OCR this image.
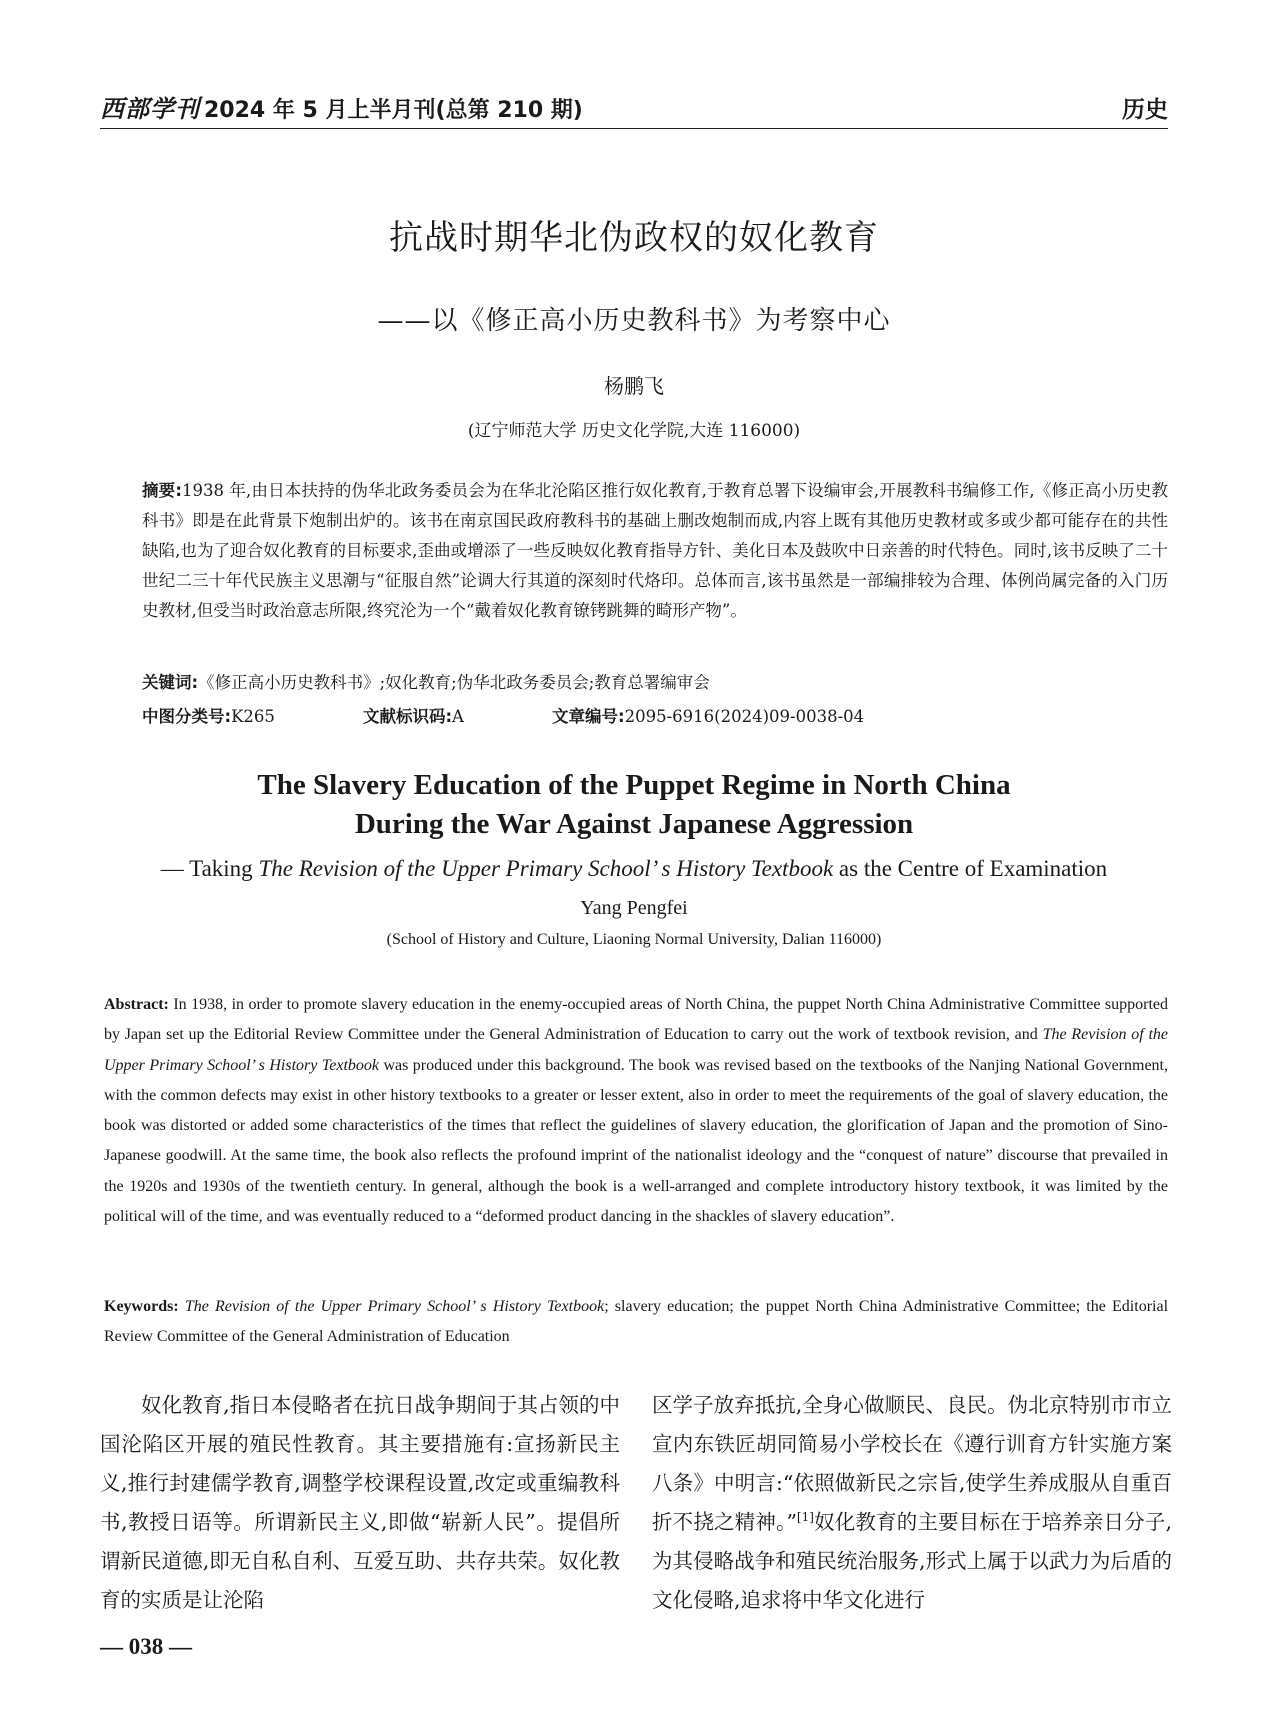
西部学刊 2024 年 5 月上半月刊(总第 210 期)	历史
抗战时期华北伪政权的奴化教育
——以《修正高小历史教科书》为考察中心
杨鹏飞
(辽宁师范大学 历史文化学院,大连 116000)
摘要:1938 年,由日本扶持的伪华北政务委员会为在华北沦陷区推行奴化教育,于教育总署下设编审会,开展教科书编修工作,《修正高小历史教科书》即是在此背景下炮制出炉的。该书在南京国民政府教科书的基础上删改炮制而成,内容上既有其他历史教材或多或少都可能存在的共性缺陷,也为了迎合奴化教育的目标要求,歪曲或增添了一些反映奴化教育指导方针、美化日本及鼓吹中日亲善的时代特色。同时,该书反映了二十世纪二三十年代民族主义思潮与“征服自然”论调大行其道的深刻时代烙印。总体而言,该书虽然是一部编排较为合理、体例尚属完备的入门历史教材,但受当时政治意志所限,终究沦为一个“戴着奴化教育镣铐跳舞的畸形产物”。
关键词:《修正高小历史教科书》;奴化教育;伪华北政务委员会;教育总署编审会
中图分类号:K265	文献标识码:A	文章编号:2095-6916(2024)09-0038-04
The Slavery Education of the Puppet Regime in North China
During the War Against Japanese Aggression
— Taking The Revision of the Upper Primary School’ s History Textbook as the Centre of Examination
Yang Pengfei
(School of History and Culture, Liaoning Normal University, Dalian 116000)
Abstract: In 1938, in order to promote slavery education in the enemy-occupied areas of North China, the puppet North China Administrative Committee supported by Japan set up the Editorial Review Committee under the General Administration of Education to carry out the work of textbook revision, and The Revision of the Upper Primary School’ s History Textbook was produced under this background. The book was revised based on the textbooks of the Nanjing National Government, with the common defects may exist in other history textbooks to a greater or lesser extent, also in order to meet the requirements of the goal of slavery education, the book was distorted or added some characteristics of the times that reflect the guidelines of slavery education, the glorification of Japan and the promotion of Sino-Japanese goodwill. At the same time, the book also reflects the profound imprint of the nationalist ideology and the “conquest of nature” discourse that prevailed in the 1920s and 1930s of the twentieth century. In general, although the book is a well-arranged and complete introductory history textbook, it was limited by the political will of the time, and was eventually reduced to a “deformed product dancing in the shackles of slavery education”.
Keywords: The Revision of the Upper Primary School’ s History Textbook; slavery education; the puppet North China Administrative Committee; the Editorial Review Committee of the General Administration of Education

奴化教育,指日本侵略者在抗日战争期间于其占领的中国沦陷区开展的殖民性教育。其主要措施有:宣扬新民主义,推行封建儒学教育,调整学校课程设置,改定或重编教科书,教授日语等。所谓新民主义,即做“崭新人民”。提倡所谓新民道德,即无自私自利、互爱互助、共存共荣。奴化教育的实质是让沦陷

区学子放弃抵抗,全身心做顺民、良民。伪北京特别市市立宣内东铁匠胡同简易小学校长在《遵行训育方针实施方案八条》中明言:“依照做新民之宗旨,使学生养成服从自重百折不挠之精神。”[1]奴化教育的主要目标在于培养亲日分子,为其侵略战争和殖民统治服务,形式上属于以武力为后盾的文化侵略,追求将中华文化进行

— 038 —
